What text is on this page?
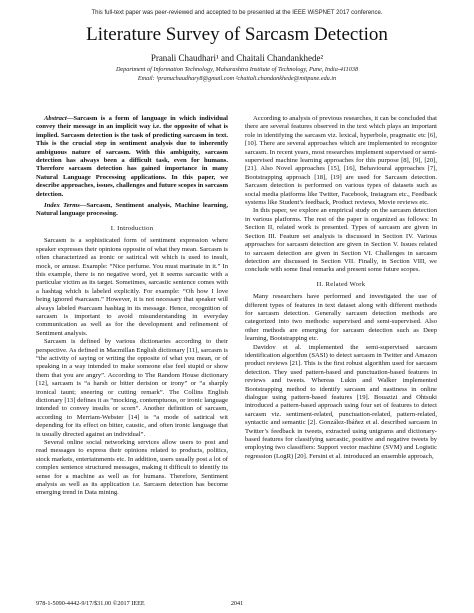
This full-text paper was peer-reviewed and accepted to be presented at the IEEE WiSPNET 2017 conference.
Literature Survey of Sarcasm Detection
Pranali Chaudhari¹ and Chaitali Chandankhede²
Department of Information Technology, Maharashtra Institute of Technology, Pune, India-411038
Email: ¹pranuchaudhary8@gmail.com ²chaitali.chandankhede@mitpune.edu.in

Abstract—Sarcasm is a form of language in which individual convey their message in an implicit way i.e. the opposite of what is implied. Sarcasm detection is the task of predicting sarcasm in text. This is the crucial step in sentiment analysis due to inherently ambiguous nature of sarcasm. With this ambiguity, sarcasm detection has always been a difficult task, even for humans. Therefore sarcasm detection has gained importance in many Natural Language Processing applications. In this paper, we describe approaches, issues, challenges and future scopes in sarcasm detection.

Index Terms—Sarcasm, Sentiment analysis, Machine learning, Natural language processing.

I. Introduction

Sarcasm is a sophisticated form of sentiment expression where speaker expresses their opinions opposite of what they mean. Sarcasm is often characterized as ironic or satirical wit which is used to insult, mock, or amuse. Example: “Nice perfume. You must marinate in it.” In this example, there is no negative word, yet it seems sarcastic with a particular victim as its target. Sometimes, sarcastic sentence comes with a hashtag which is labeled explicitly. For example: “Oh how I love being ignored #sarcasm.” However, it is not necessary that speaker will always labeled #sarcasm hashtag in its message. Hence, recognition of sarcasm is important to avoid misunderstanding in everyday communication as well as for the development and refinement of Sentiment analysis.

Sarcasm is defined by various dictionaries according to their perspective. As defined in Macmillan English dictionary [11], sarcasm is “the activity of saying or writing the opposite of what you mean, or of speaking in a way intended to make someone else feel stupid or show them that you are angry”. According to The Random House dictionary [12], sarcasm is “a harsh or bitter derision or irony” or “a sharply ironical taunt; sneering or cutting remark”. The Collins English dictionary [13] defines it as “mocking, contemptuous, or ironic language intended to convey insults or scorn”. Another definition of sarcasm, according to Merriam-Webster [14] is “a mode of satirical wit depending for its effect on bitter, caustic, and often ironic language that is usually directed against an individual”.

Several online social networking services allow users to post and read messages to express their opinions related to products, politics, stock markets, entertainments etc. In addition, users usually post a lot of complex sentence structured messages, making it difficult to identify its sense for a machine as well as for humans. Therefore, Sentiment analysis as well as its application i.e. Sarcasm detection has become emerging trend in Data mining.

According to analysis of previous researches, it can be concluded that there are several features observed in the text which plays an important role in identifying the sarcasm viz. lexical, hyperbole, pragmatic etc [6], [10]. There are several approaches which are implemented to recognize sarcasm. In recent years, most researches implement supervised or semi-supervised machine learning approaches for this purpose [8], [9], [20], [21]. Also Novel approaches [15], [16], Behavioural approaches [7], Bootstrapping approach [18], [19] are used for Sarcasm detection. Sarcasm detection is performed on various types of datasets such as social media platforms like Twitter, Facebook, Instagram etc., Feedback systems like Student’s feedback, Product reviews, Movie reviews etc.

In this paper, we explore an empirical study on the sarcasm detection in various platforms. The rest of the paper is organized as follows: In Section II, related work is presented. Types of sarcasm are given in Section III. Feature set analysis is discussed in Section IV. Various approaches for sarcasm detection are given in Section V. Issues related to sarcasm detection are given in Section VI. Challenges in sarcasm detection are discussed in Section VII. Finally, in Section VIII, we conclude with some final remarks and present some future scopes.

II. Related Work

Many researchers have performed and investigated the use of different types of features in text dataset along with different methods for sarcasm detection. Generally sarcasm detection methods are categorized into two methods: supervised and semi-supervised. Also other methods are emerging for sarcasm detection such as Deep learning, Bootstrapping etc.

Davidov et al. implemented the semi-supervised sarcasm identification algorithm (SASI) to detect sarcasm in Twitter and Amazon product reviews [21]. This is the first robust algorithm used for sarcasm detection. They used pattern-based and punctuation-based features in reviews and tweets. Whereas Lukin and Walker implemented Bootstrapping method to identify sarcasm and nastiness in online dialogue using pattern-based features [19]. Bouazizi and Ohtsuki introduced a pattern-based approach using four set of features to detect sarcasm viz. sentiment-related, punctuation-related, pattern-related, syntactic and semantic [2]. González-Ibáñez et al. described sarcasm in Twitter’s feedback in tweets, extracted using unigrams and dictionary-based features for classifying sarcastic, positive and negative tweets by employing two classifiers: Support vector machine (SVM) and Logistic regression (LogR) [20]. Fersini et al. introduced an ensemble approach,

978-1-5090-4442-9/17/$31.00 ©2017 IEEE	2041
